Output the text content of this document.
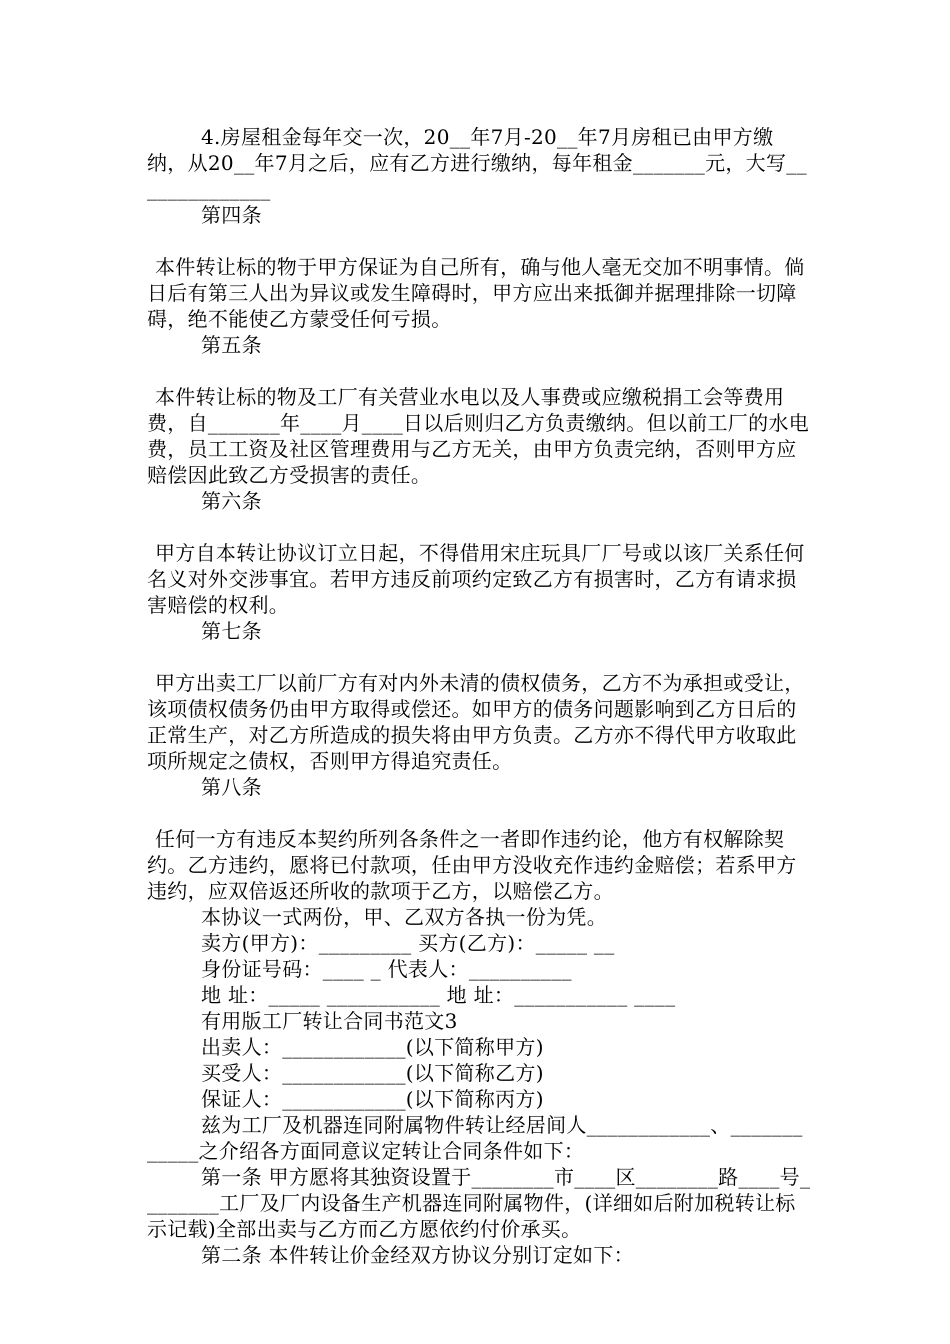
4.房屋租金每年交一次，20__年7月-20__年7月房租已由甲方缴纳，从20__年7月之后，应有乙方进行缴纳，每年租金_______元，大写______________

第四条

本件转让标的物于甲方保证为自己所有，确与他人毫无交加不明事情。倘日后有第三人出为异议或发生障碍时，甲方应出来抵御并据理排除一切障碍，绝不能使乙方蒙受任何亏损。

第五条

本件转让标的物及工厂有关营业水电以及人事费或应缴税捐工会等费用费，自_______年____月____日以后则归乙方负责缴纳。但以前工厂的水电费，员工工资及社区管理费用与乙方无关，由甲方负责完纳，否则甲方应赔偿因此致乙方受损害的责任。

第六条

甲方自本转让协议订立日起，不得借用宋庄玩具厂厂号或以该厂关系任何名义对外交涉事宜。若甲方违反前项约定致乙方有损害时，乙方有请求损害赔偿的权利。

第七条

甲方出卖工厂以前厂方有对内外未清的债权债务，乙方不为承担或受让，该项债权债务仍由甲方取得或偿还。如甲方的债务问题影响到乙方日后的正常生产，对乙方所造成的损失将由甲方负责。乙方亦不得代甲方收取此项所规定之债权，否则甲方得追究责任。

第八条

任何一方有违反本契约所列各条件之一者即作违约论，他方有权解除契约。乙方违约，愿将已付款项，任由甲方没收充作违约金赔偿；若系甲方违约，应双倍返还所收的款项于乙方，以赔偿乙方。

本协议一式两份，甲、乙双方各执一份为凭。

卖方(甲方)：_________ 买方(乙方)：_____ __

身份证号码：____ _ 代表人：__________

地 址：_____ ___________ 地 址：___________ ____

有用版工厂转让合同书范文3

出卖人：____________(以下简称甲方)

买受人：____________(以下简称乙方)

保证人：____________(以下简称丙方)

兹为工厂及机器连同附属物件转让经居间人____________、____________之介绍各方面同意议定转让合同条件如下：

第一条 甲方愿将其独资设置于________市____区________路____号________工厂及厂内设备生产机器连同附属物件，(详细如后附加税转让标示记载)全部出卖与乙方而乙方愿依约付价承买。

第二条 本件转让价金经双方协议分别订定如下：
